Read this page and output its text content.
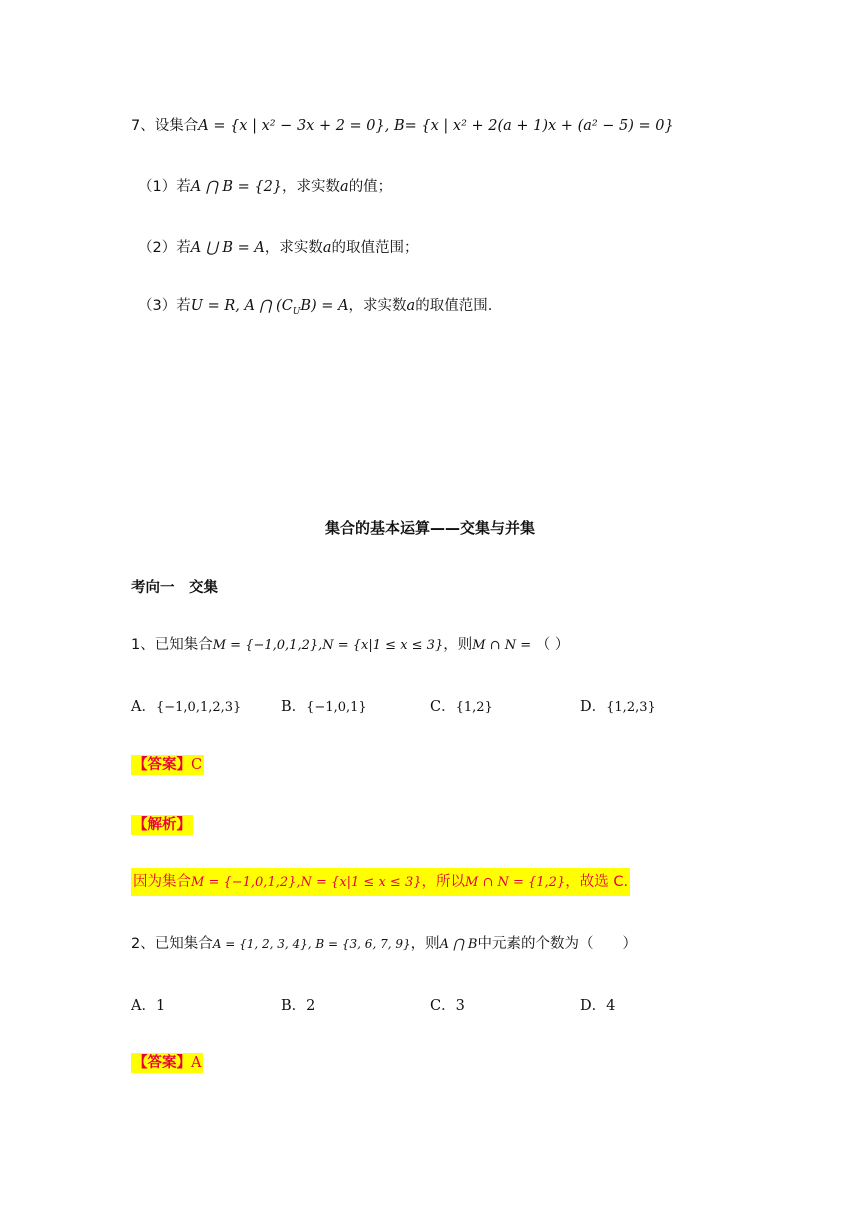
7、设集合A = {x | x² − 3x + 2 = 0}, B= {x | x² + 2(a + 1)x + (a² − 5) = 0}
（1）若A ⋂ B = {2}，求实数a的值；
（2）若A ⋃ B = A，求实数a的取值范围；
（3）若U = R, A ⋂ $(C_UB) = A$，求实数a的取值范围.
集合的基本运算——交集与并集
考向一　交集
1、已知集合M = {−1,0,1,2},N = {x|1 ≤ x ≤ 3}，则M ∩ N = （ ）
A．{−1,0,1,2,3}	B．{−1,0,1}	C．{1,2}	D．{1,2,3}
【答案】C
【解析】
因为集合M = {−1,0,1,2},N = {x|1 ≤ x ≤ 3}，所以M ∩ N = {1,2}，故选 C.
2、已知集合A = {1, 2, 3, 4}, B = {3, 6, 7, 9}，则A ⋂ B中元素的个数为（　　）
A．1	B．2	C．3	D．4
【答案】A
